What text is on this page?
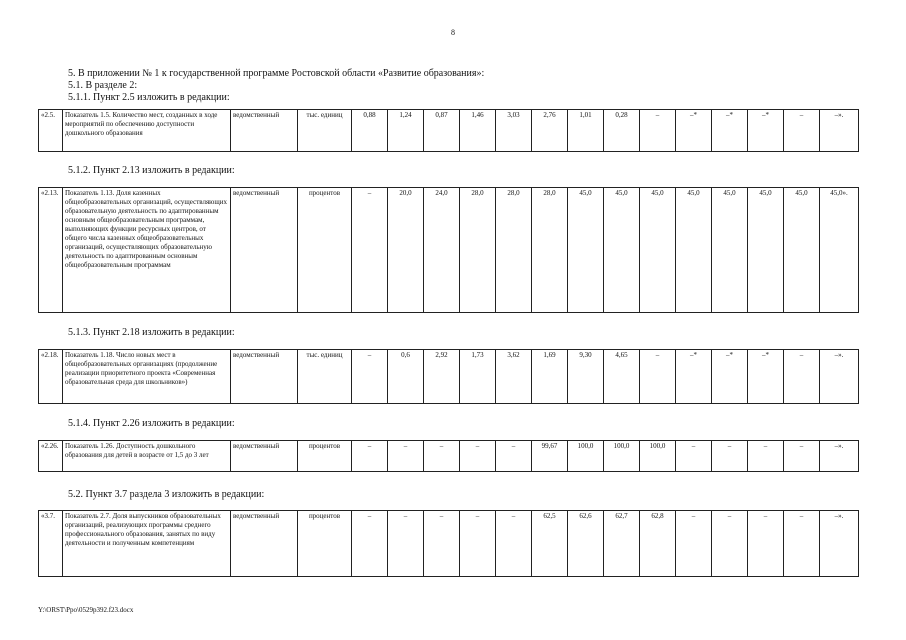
8
5. В приложении № 1 к государственной программе Ростовской области «Развитие образования»:
5.1. В разделе 2:
5.1.1. Пункт 2.5 изложить в редакции:
«2.5.	Показатель 1.5. Количество мест, созданных в ходе мероприятий по обеспечению доступности дошкольного образования	ведомственный	тыс. единиц	0,88	1,24	0,87	1,46	3,03	2,76	1,01	0,28	–	–*	–*	–*	–	–».
5.1.2. Пункт 2.13 изложить в редакции:
«2.13.	Показатель 1.13. Доля казенных общеобразовательных организаций, осуществляющих образовательную деятельность по адаптированным основным общеобразовательным программам, выполняющих функции ресурсных центров, от общего числа казенных общеобразовательных организаций, осуществляющих образовательную деятельность по адаптированным основным общеобразовательным программам	ведомственный	процентов	–	20,0	24,0	28,0	28,0	28,0	45,0	45,0	45,0	45,0	45,0	45,0	45,0	45,0».
5.1.3. Пункт 2.18 изложить в редакции:
«2.18.	Показатель 1.18. Число новых мест в общеобразовательных организациях (продолжение реализации приоритетного проекта «Современная образовательная среда для школьников»)	ведомственный	тыс. единиц	–	0,6	2,92	1,73	3,62	1,69	9,30	4,65	–	–*	–*	–*	–	–».
5.1.4. Пункт 2.26 изложить в редакции:
«2.26.	Показатель 1.26. Доступность дошкольного образования для детей в возрасте от 1,5 до 3 лет	ведомственный	процентов	–	–	–	–	–	99,67	100,0	100,0	100,0	–	–	–	–	–».
5.2. Пункт 3.7 раздела 3 изложить в редакции:
«3.7.	Показатель 2.7. Доля выпускников образовательных организаций, реализующих программы среднего профессионального образования, занятых по виду деятельности и полученным компетенциям	ведомственный	процентов	–	–	–	–	–	62,5	62,6	62,7	62,8	–	–	–	–	–».
Y:\ORST\Ppo\0529p392.f23.docx
